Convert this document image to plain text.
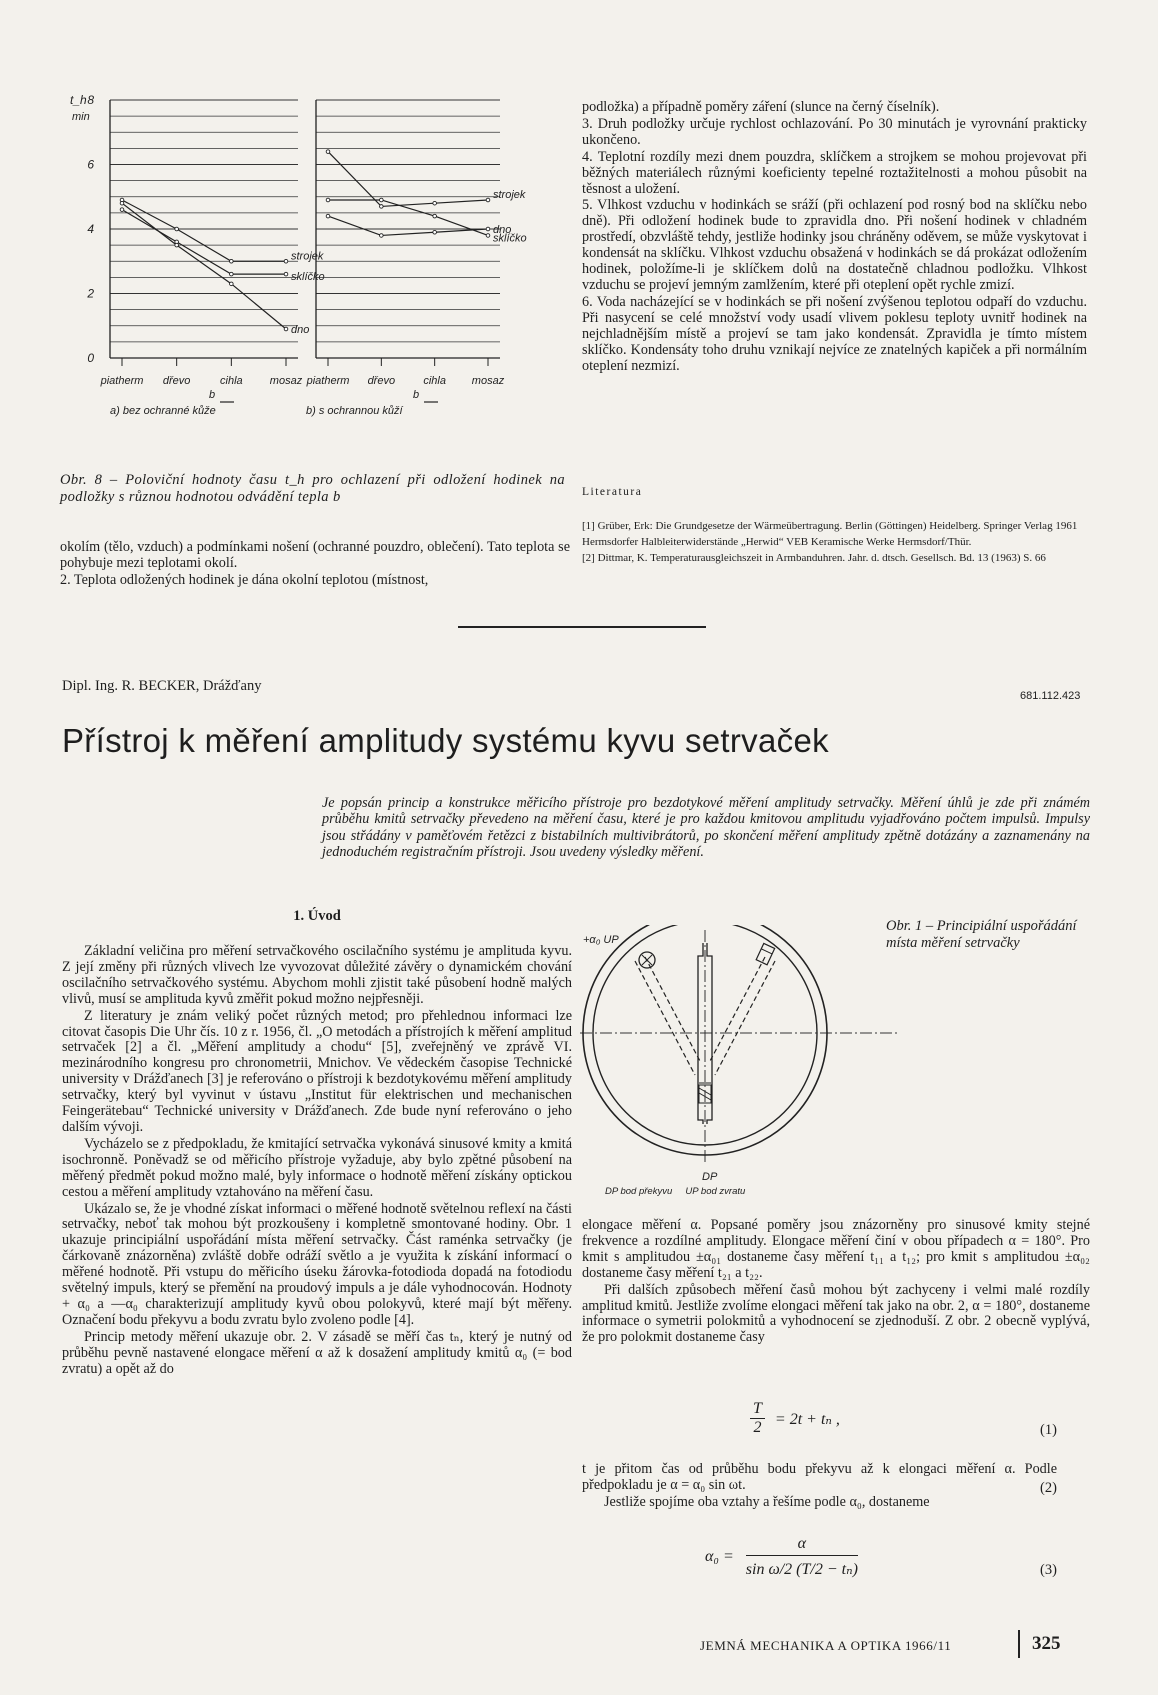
piatherm dřevo	cihla mosaz
b
a) bez ochranné kůže
8
6
4
2
0
t_h
min
strojek
sklíčko
dno
piatherm dřevo	cihla mosaz
b
b) s ochrannou kůží
strojek
sklíčko
dno
Obr. 8 – Poloviční hodnoty času t_h pro ochlazení při odložení hodinek na podložky s různou hodnotou odvádění tepla b

okolím (tělo, vzduch) a podmínkami nošení (ochranné pouzdro, oblečení). Tato teplota se pohybuje mezi teplotami okolí.

2. Teplota odložených hodinek je dána okolní teplotou (místnost,

podložka) a případně poměry záření (slunce na černý číselník).

3. Druh podložky určuje rychlost ochlazování. Po 30 minutách je vyrovnání prakticky ukončeno.

4. Teplotní rozdíly mezi dnem pouzdra, sklíčkem a strojkem se mohou projevovat při běžných materiálech různými koeficienty tepelné roztažitelnosti a mohou působit na těsnost a uložení.

5. Vlhkost vzduchu v hodinkách se sráží (při ochlazení pod rosný bod na sklíčku nebo dně). Při odložení hodinek bude to zpravidla dno. Při nošení hodinek v chladném prostředí, obzvláště tehdy, jestliže hodinky jsou chráněny oděvem, se může vyskytovat i kondensát na sklíčku. Vlhkost vzduchu obsažená v hodinkách se dá prokázat odložením hodinek, položíme-li je sklíčkem dolů na dostatečně chladnou podložku. Vlhkost vzduchu se projeví jemným zamlžením, které při oteplení opět rychle zmizí.

6. Voda nacházející se v hodinkách se při nošení zvýšenou teplotou odpaří do vzduchu. Při nasycení se celé množství vody usadí vlivem poklesu teploty uvnitř hodinek na nejchladnějším místě a projeví se tam jako kondensát. Zpravidla je tímto místem sklíčko. Kondensáty toho druhu vznikají nejvíce ze znatelných kapiček a při normálním oteplení nezmizí.

Literatura

[1] Grüber, Erk: Die Grundgesetze der Wärmeübertragung. Berlin (Göttingen) Heidelberg. Springer Verlag 1961

Hermsdorfer Halbleiterwiderstände „Herwid“ VEB Keramische Werke Hermsdorf/Thür.

[2] Dittmar, K. Temperaturausgleichszeit in Armbanduhren. Jahr. d. dtsch. Gesellsch. Bd. 13 (1963) S. 66

Dipl. Ing. R. BECKER, Drážďany
681.112.423
Přístroj k měření amplitudy systému kyvu setrvaček
Je popsán princip a konstrukce měřicího přístroje pro bezdotykové měření amplitudy setrvačky. Měření úhlů je zde při známém průběhu kmitů setrvačky převedeno na měření času, které je pro každou kmitovou amplitudu vyjadřováno počtem impulsů. Impulsy jsou střádány v paměťovém řetězci z bistabilních multivibrátorů, po skončení měření amplitudy zpětně dotázány a zaznamenány na jednoduchém registračním přístroji. Jsou uvedeny výsledky měření.
1. Úvod

Základní veličina pro měření setrvačkového oscilačního systému je amplituda kyvu. Z její změny při různých vlivech lze vyvozovat důležité závěry o dynamickém chování oscilačního setrvačkového systému. Abychom mohli zjistit také působení hodně malých vlivů, musí se amplituda kyvů změřit pokud možno nejpřesněji.

Z literatury je znám veliký počet různých metod; pro přehlednou informaci lze citovat časopis Die Uhr čís. 10 z r. 1956, čl. „O metodách a přístrojích k měření amplitud setrvaček [2] a čl. „Měření amplitudy a chodu“ [5], zveřejněný ve zprávě VI. mezinárodního kongresu pro chronometrii, Mnichov. Ve vědeckém časopise Technické university v Drážďanech [3] je referováno o přístroji k bezdotykovému měření amplitudy setrvačky, který byl vyvinut v ústavu „Institut für elektrischen und mechanischen Feingerätebau“ Technické university v Drážďanech. Zde bude nyní referováno o jeho dalším vývoji.

Vycházelo se z předpokladu, že kmitající setrvačka vykonává sinusové kmity a kmitá isochronně. Poněvadž se od měřicího přístroje vyžaduje, aby bylo zpětné působení na měřený předmět pokud možno malé, byly informace o hodnotě měření získány optickou cestou a měření amplitudy vztahováno na měření času.

Ukázalo se, že je vhodné získat informaci o měřené hodnotě světelnou reflexí na části setrvačky, neboť tak mohou být prozkoušeny i kompletně smontované hodiny. Obr. 1 ukazuje principiální uspořádání místa měření setrvačky. Část raménka setrvačky (je čárkovaně znázorněna) zvláště dobře odráží světlo a je využita k získání informací o měřené hodnotě. Při vstupu do měřicího úseku žárovka-fotodioda dopadá na fotodiodu světelný impuls, který se přemění na proudový impuls a je dále vyhodnocován. Hodnoty + α₀ a —α₀ charakterizují amplitudy kyvů obou polokyvů, které mají být měřeny. Označení bodu překyvu a bodu zvratu bylo zvoleno podle [4].

Princip metody měření ukazuje obr. 2. V zásadě se měří čas tₙ, který je nutný od průběhu pevně nastavené elongace měření α až k dosažení amplitudy kmitů α₀ (= bod zvratu) a opět až do

Obr. 1 – Principiální uspořádání místa měření setrvačky
+α₀ UP
DP
DP bod překyvu     UP bod zvratu

elongace měření α. Popsané poměry jsou znázorněny pro sinusové kmity stejné frekvence a rozdílné amplitudy. Elongace měření činí v obou případech α = 180°. Pro kmit s amplitudou ±α₀₁ dostaneme časy měření t₁₁ a t₁₂; pro kmit s amplitudou ±α₀₂ dostaneme časy měření t₂₁ a t₂₂.

Při dalších způsobech měření časů mohou být zachyceny i velmi malé rozdíly amplitud kmitů. Jestliže zvolíme elongaci měření tak jako na obr. 2, α = 180°, dostaneme informace o symetrii polokmitů a vyhodnocení se zjednoduší. Z obr. 2 obecně vyplývá, že pro polokmit dostaneme časy

$\frac{T}{2} = 2t + t_n$ ,
(1)

t je přitom čas od průběhu bodu překyvu až k elongaci měření α. Podle předpokladu je α = α₀ sin ωt.

Jestliže spojíme oba vztahy a řešíme podle α₀, dostaneme

(2)
$\alpha_0 = \frac{\alpha}{\text{sin ω/2 (T/2 − tₙ)}}$	(3)
JEMNÁ MECHANIKA A OPTIKA 1966/11	325
